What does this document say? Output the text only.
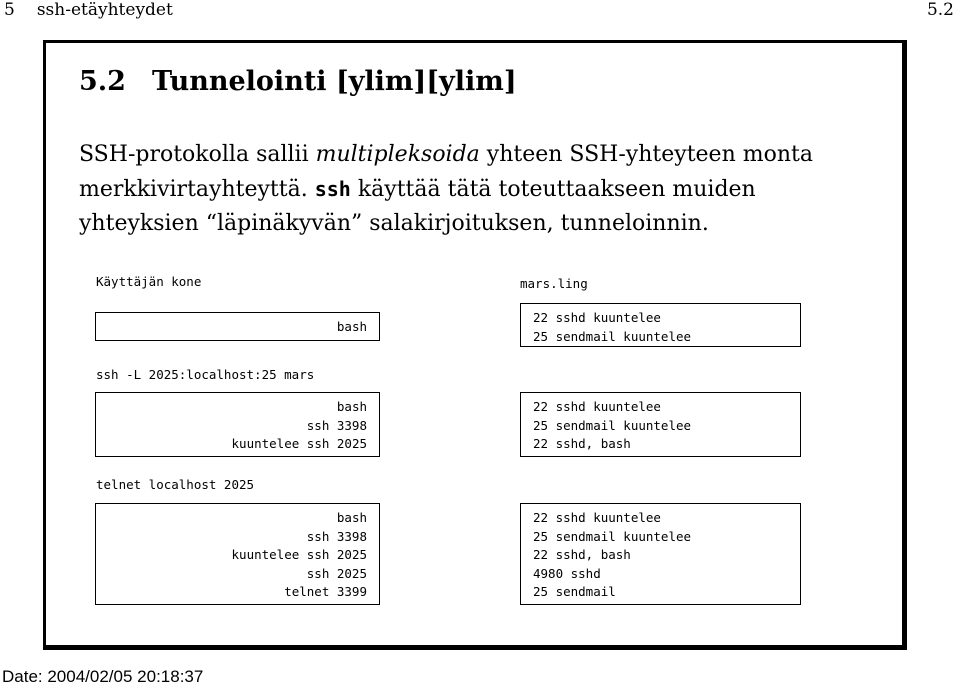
5 ssh-etäyhteydet	5.2
5.2 Tunnelointi [ylim][ylim]
SSH-protokolla sallii multipleksoida yhteen SSH-yhteyteen monta merkkivirtayhteyttä. ssh käyttää tätä toteuttaakseen muiden yhteyksien “läpinäkyvän” salakirjoituksen, tunneloinnin.
Käyttäjän kone	mars.ling
bash
22 sshd kuuntelee
25 sendmail kuuntelee
ssh -L 2025:localhost:25 mars
bash
ssh 3398
kuuntelee ssh 2025
22 sshd kuuntelee
25 sendmail kuuntelee
22 sshd, bash
telnet localhost 2025
bash
ssh 3398
kuuntelee ssh 2025
ssh 2025
telnet 3399
22 sshd kuuntelee
25 sendmail kuuntelee
22 sshd, bash
4980 sshd
25 sendmail
Date: 2004/02/05 20:18:37
